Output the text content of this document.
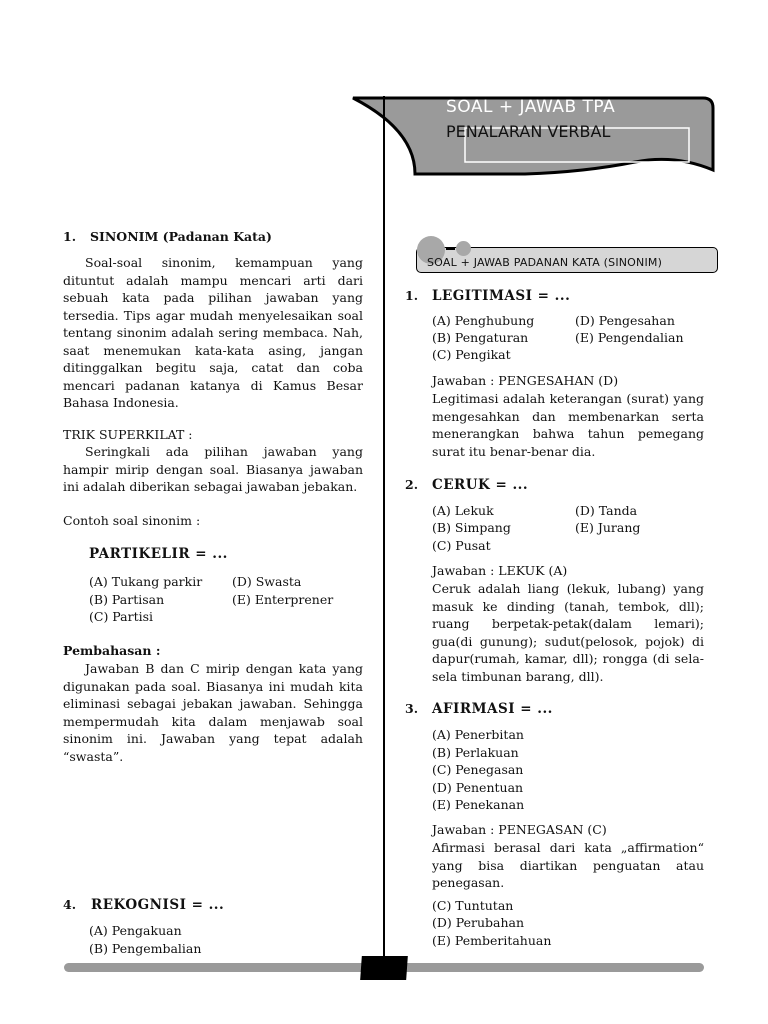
SOAL + JAWAB TPA
PENALARAN VERBAL
1. SINONIM (Padanan Kata)

Soal-soal sinonim, kemampuan yang dituntut adalah mampu mencari arti dari sebuah kata pada pilihan jawaban yang tersedia. Tips agar mudah menyelesaikan soal tentang sinonim adalah sering membaca. Nah, saat menemukan kata-kata asing, jangan ditinggalkan begitu saja, catat dan coba mencari padanan katanya di Kamus Besar Bahasa Indonesia.

TRIK SUPERKILAT :

Seringkali ada pilihan jawaban yang hampir mirip dengan soal. Biasanya jawaban ini adalah diberikan sebagai jawaban jebakan.

Contoh soal sinonim :
PARTIKELIR = ...
(A) Tukang parkir
(B) Partisan
(C) Partisi
(D) Swasta
(E) Enterprener
Pembahasan :

Jawaban B dan C mirip dengan kata yang digunakan pada soal. Biasanya ini mudah kita eliminasi sebagai jebakan jawaban. Sehingga mempermudah kita dalam menjawab soal sinonim ini. Jawaban yang tepat adalah “swasta”.

4. REKOGNISI = ...
(A) Pengakuan
(B) Pengembalian
SOAL + JAWAB PADANAN KATA (SINONIM)
1. LEGITIMASI = ...
(A) Penghubung
(B) Pengaturan
(C) Pengikat
(D) Pengesahan
(E) Pengendalian
Jawaban : PENGESAHAN (D)

Legitimasi adalah keterangan (surat) yang mengesahkan dan membenarkan serta menerangkan bahwa tahun pemegang surat itu benar-benar dia.

2. CERUK = ...
(A) Lekuk
(B) Simpang
(C) Pusat
(D) Tanda
(E) Jurang
Jawaban : LEKUK (A)

Ceruk adalah liang (lekuk, lubang) yang masuk ke dinding (tanah, tembok, dll); ruang berpetak-petak(dalam lemari); gua(di gunung); sudut(pelosok, pojok) di dapur(rumah, kamar, dll); rongga (di sela-sela timbunan barang, dll).

3. AFIRMASI = ...
(A) Penerbitan
(B) Perlakuan
(C) Penegasan
(D) Penentuan
(E) Penekanan
Jawaban : PENEGASAN (C)

Afirmasi berasal dari kata „affirmation“ yang bisa diartikan penguatan atau penegasan.

(C) Tuntutan
(D) Perubahan
(E) Pemberitahuan
